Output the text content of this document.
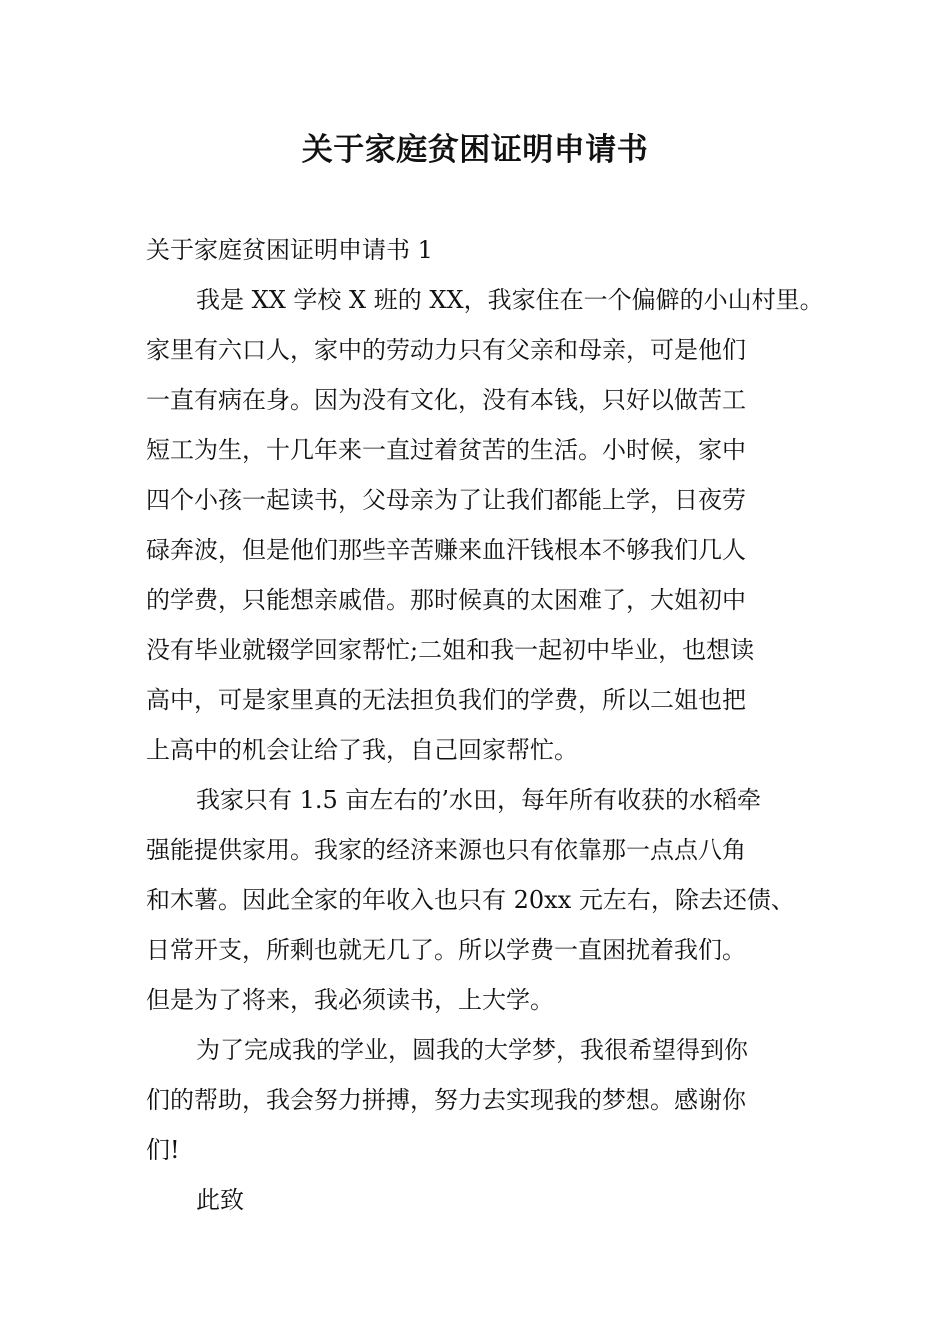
关于家庭贫困证明申请书
关于家庭贫困证明申请书 1
我是 XX 学校 X 班的 XX，我家住在一个偏僻的小山村里。
家里有六口人，家中的劳动力只有父亲和母亲，可是他们
一直有病在身。因为没有文化，没有本钱，只好以做苦工
短工为生，十几年来一直过着贫苦的生活。小时候，家中
四个小孩一起读书，父母亲为了让我们都能上学，日夜劳
碌奔波，但是他们那些辛苦赚来血汗钱根本不够我们几人
的学费，只能想亲戚借。那时候真的太困难了，大姐初中
没有毕业就辍学回家帮忙;二姐和我一起初中毕业，也想读
高中，可是家里真的无法担负我们的学费，所以二姐也把
上高中的机会让给了我，自己回家帮忙。
我家只有 1.5 亩左右的’水田，每年所有收获的水稻牵
强能提供家用。我家的经济来源也只有依靠那一点点八角
和木薯。因此全家的年收入也只有 20xx 元左右，除去还债、
日常开支，所剩也就无几了。所以学费一直困扰着我们。
但是为了将来，我必须读书，上大学。
为了完成我的学业，圆我的大学梦，我很希望得到你
们的帮助，我会努力拼搏，努力去实现我的梦想。感谢你
们!
此致
